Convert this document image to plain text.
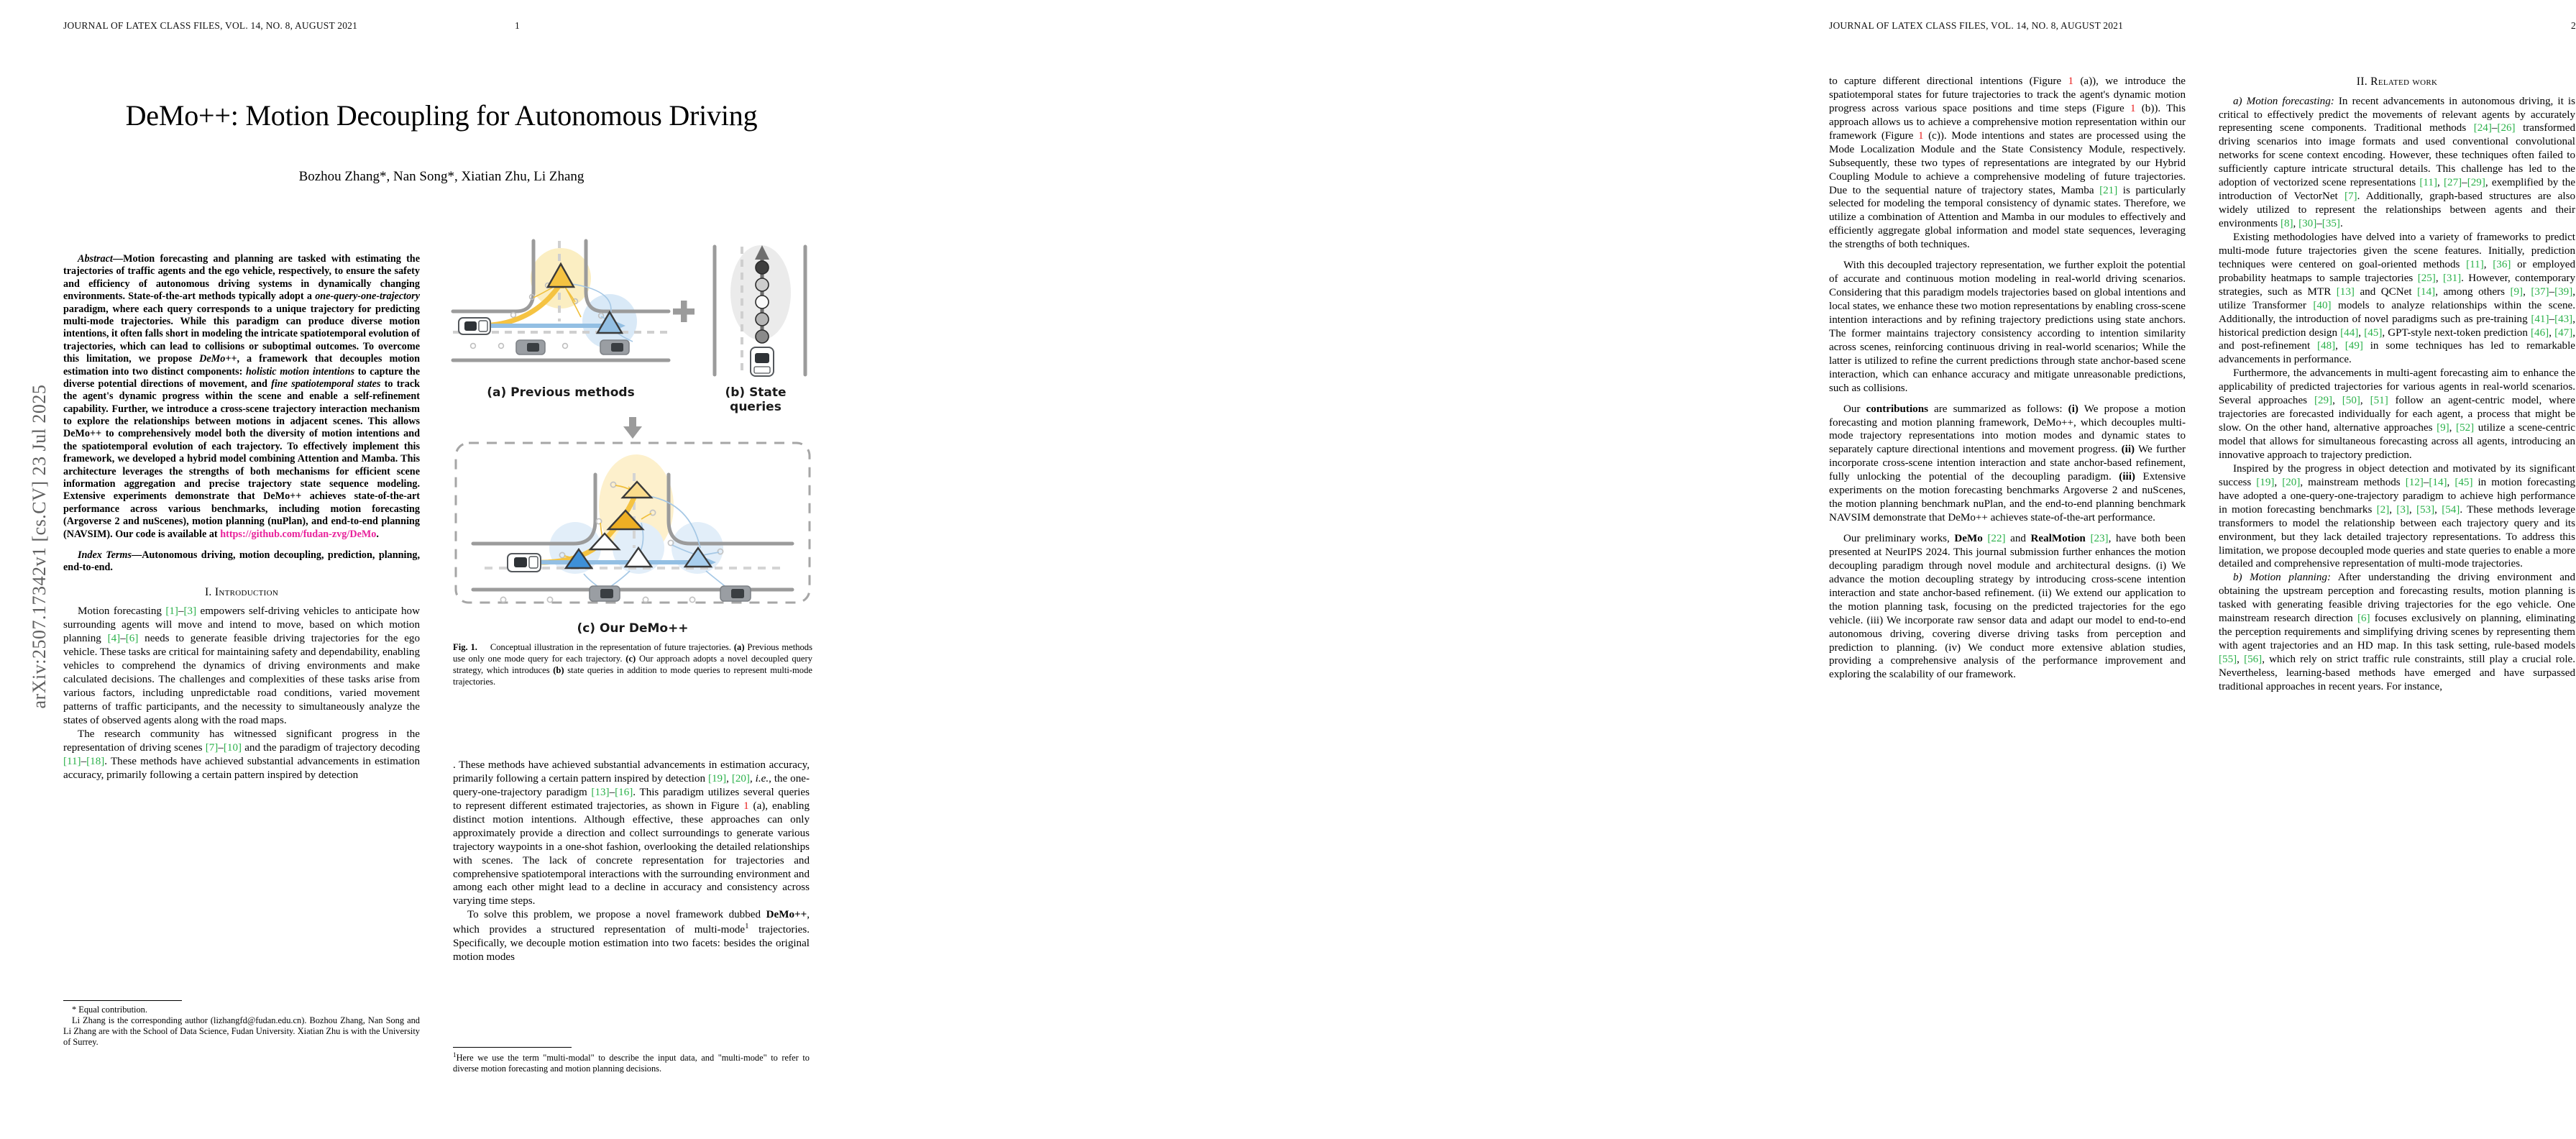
JOURNAL OF LATEX CLASS FILES, VOL. 14, NO. 8, AUGUST 2021	1
arXiv:2507.17342v1 [cs.CV] 23 Jul 2025
DeMo++: Motion Decoupling for Autonomous Driving
Bozhou Zhang*, Nan Song*, Xiatian Zhu, Li Zhang

Abstract—Motion forecasting and planning are tasked with estimating the trajectories of traffic agents and the ego vehicle, respectively, to ensure the safety and efficiency of autonomous driving systems in dynamically changing environments. State-of-the-art methods typically adopt a one-query-one-trajectory paradigm, where each query corresponds to a unique trajectory for predicting multi-mode trajectories. While this paradigm can produce diverse motion intentions, it often falls short in modeling the intricate spatiotemporal evolution of trajectories, which can lead to collisions or suboptimal outcomes. To overcome this limitation, we propose DeMo++, a framework that decouples motion estimation into two distinct components: holistic motion intentions to capture the diverse potential directions of movement, and fine spatiotemporal states to track the agent's dynamic progress within the scene and enable a self-refinement capability. Further, we introduce a cross-scene trajectory interaction mechanism to explore the relationships between motions in adjacent scenes. This allows DeMo++ to comprehensively model both the diversity of motion intentions and the spatiotemporal evolution of each trajectory. To effectively implement this framework, we developed a hybrid model combining Attention and Mamba. This architecture leverages the strengths of both mechanisms for efficient scene information aggregation and precise trajectory state sequence modeling. Extensive experiments demonstrate that DeMo++ achieves state-of-the-art performance across various benchmarks, including motion forecasting (Argoverse 2 and nuScenes), motion planning (nuPlan), and end-to-end planning (NAVSIM). Our code is available at https://github.com/fudan-zvg/DeMo.

Index Terms—Autonomous driving, motion decoupling, prediction, planning, end-to-end.

I. Introduction

Motion forecasting [1]–[3] empowers self-driving vehicles to anticipate how surrounding agents will move and intend to move, based on which motion planning [4]–[6] needs to generate feasible driving trajectories for the ego vehicle. These tasks are critical for maintaining safety and dependability, enabling vehicles to comprehend the dynamics of driving environments and make calculated decisions. The challenges and complexities of these tasks arise from various factors, including unpredictable road conditions, varied movement patterns of traffic participants, and the necessity to simultaneously analyze the states of observed agents along with the road maps.

The research community has witnessed significant progress in the representation of driving scenes [7]–[10] and the paradigm of trajectory decoding [11]–[18]. These methods have achieved substantial advancements in estimation accuracy, primarily following a certain pattern inspired by detection

* Equal contribution.

Li Zhang is the corresponding author (lizhangfd@fudan.edu.cn). Bozhou Zhang, Nan Song and Li Zhang are with the School of Data Science, Fudan University. Xiatian Zhu is with the University of Surrey.

(a) Previous methods	(b) State queries
(c) Our DeMo++
Fig. 1. Conceptual illustration in the representation of future trajectories. (a) Previous methods use only one mode query for each trajectory. (c) Our approach adopts a novel decoupled query strategy, which introduces (b) state queries in addition to mode queries to represent multi-mode trajectories.

. These methods have achieved substantial advancements in estimation accuracy, primarily following a certain pattern inspired by detection [19], [20], i.e., the one-query-one-trajectory paradigm [13]–[16]. This paradigm utilizes several queries to represent different estimated trajectories, as shown in Figure 1 (a), enabling distinct motion intentions. Although effective, these approaches can only approximately provide a direction and collect surroundings to generate various trajectory waypoints in a one-shot fashion, overlooking the detailed relationships with scenes. The lack of concrete representation for trajectories and comprehensive spatiotemporal interactions with the surrounding environment and among each other might lead to a decline in accuracy and consistency across varying time steps.

To solve this problem, we propose a novel framework dubbed DeMo++, which provides a structured representation of multi-mode$^1$ trajectories. Specifically, we decouple motion estimation into two facets: besides the original motion modes

$^1$Here we use the term "multi-modal" to describe the input data, and "multi-mode" to refer to diverse motion forecasting and motion planning decisions.

JOURNAL OF LATEX CLASS FILES, VOL. 14, NO. 8, AUGUST 2021	2

to capture different directional intentions (Figure 1 (a)), we introduce the spatiotemporal states for future trajectories to track the agent's dynamic motion progress across various space positions and time steps (Figure 1 (b)). This approach allows us to achieve a comprehensive motion representation within our framework (Figure 1 (c)). Mode intentions and states are processed using the Mode Localization Module and the State Consistency Module, respectively. Subsequently, these two types of representations are integrated by our Hybrid Coupling Module to achieve a comprehensive modeling of future trajectories. Due to the sequential nature of trajectory states, Mamba [21] is particularly selected for modeling the temporal consistency of dynamic states. Therefore, we utilize a combination of Attention and Mamba in our modules to effectively and efficiently aggregate global information and model state sequences, leveraging the strengths of both techniques.

With this decoupled trajectory representation, we further exploit the potential of accurate and continuous motion modeling in real-world driving scenarios. Considering that this paradigm models trajectories based on global intentions and local states, we enhance these two motion representations by enabling cross-scene intention interactions and by refining trajectory predictions using state anchors. The former maintains trajectory consistency according to intention similarity across scenes, reinforcing continuous driving in real-world scenarios; While the latter is utilized to refine the current predictions through state anchor-based scene interaction, which can enhance accuracy and mitigate unreasonable predictions, such as collisions.

Our contributions are summarized as follows: (i) We propose a motion forecasting and motion planning framework, DeMo++, which decouples multi-mode trajectory representations into motion modes and dynamic states to separately capture directional intentions and movement progress. (ii) We further incorporate cross-scene intention interaction and state anchor-based refinement, fully unlocking the potential of the decoupling paradigm. (iii) Extensive experiments on the motion forecasting benchmarks Argoverse 2 and nuScenes, the motion planning benchmark nuPlan, and the end-to-end planning benchmark NAVSIM demonstrate that DeMo++ achieves state-of-the-art performance.

Our preliminary works, DeMo [22] and RealMotion [23], have both been presented at NeurIPS 2024. This journal submission further enhances the motion decoupling paradigm through novel module and architectural designs. (i) We advance the motion decoupling strategy by introducing cross-scene intention interaction and state anchor-based refinement. (ii) We extend our application to the motion planning task, focusing on the predicted trajectories for the ego vehicle. (iii) We incorporate raw sensor data and adapt our model to end-to-end autonomous driving, covering diverse driving tasks from perception and prediction to planning. (iv) We conduct more extensive ablation studies, providing a comprehensive analysis of the performance improvement and exploring the scalability of our framework.

II. Related work

a) Motion forecasting: In recent advancements in autonomous driving, it is critical to effectively predict the movements of relevant agents by accurately representing scene components. Traditional methods [24]–[26] transformed driving scenarios into image formats and used conventional convolutional networks for scene context encoding. However, these techniques often failed to sufficiently capture intricate structural details. This challenge has led to the adoption of vectorized scene representations [11], [27]–[29], exemplified by the introduction of VectorNet [7]. Additionally, graph-based structures are also widely utilized to represent the relationships between agents and their environments [8], [30]–[35].

Existing methodologies have delved into a variety of frameworks to predict multi-mode future trajectories given the scene features. Initially, prediction techniques were centered on goal-oriented methods [11], [36] or employed probability heatmaps to sample trajectories [25], [31]. However, contemporary strategies, such as MTR [13] and QCNet [14], among others [9], [37]–[39], utilize Transformer [40] models to analyze relationships within the scene. Additionally, the introduction of novel paradigms such as pre-training [41]–[43], historical prediction design [44], [45], GPT-style next-token prediction [46], [47], and post-refinement [48], [49] in some techniques has led to remarkable advancements in performance.

Furthermore, the advancements in multi-agent forecasting aim to enhance the applicability of predicted trajectories for various agents in real-world scenarios. Several approaches [29], [50], [51] follow an agent-centric model, where trajectories are forecasted individually for each agent, a process that might be slow. On the other hand, alternative approaches [9], [52] utilize a scene-centric model that allows for simultaneous forecasting across all agents, introducing an innovative approach to trajectory prediction.

Inspired by the progress in object detection and motivated by its significant success [19], [20], mainstream methods [12]–[14], [45] in motion forecasting have adopted a one-query-one-trajectory paradigm to achieve high performance in motion forecasting benchmarks [2], [3], [53], [54]. These methods leverage transformers to model the relationship between each trajectory query and its environment, but they lack detailed trajectory representations. To address this limitation, we propose decoupled mode queries and state queries to enable a more detailed and comprehensive representation of multi-mode trajectories.

b) Motion planning: After understanding the driving environment and obtaining the upstream perception and forecasting results, motion planning is tasked with generating feasible driving trajectories for the ego vehicle. One mainstream research direction [6] focuses exclusively on planning, eliminating the perception requirements and simplifying driving scenes by representing them with agent trajectories and an HD map. In this task setting, rule-based models [55], [56], which rely on strict traffic rule constraints, still play a crucial role. Nevertheless, learning-based methods have emerged and have surpassed traditional approaches in recent years. For instance,
